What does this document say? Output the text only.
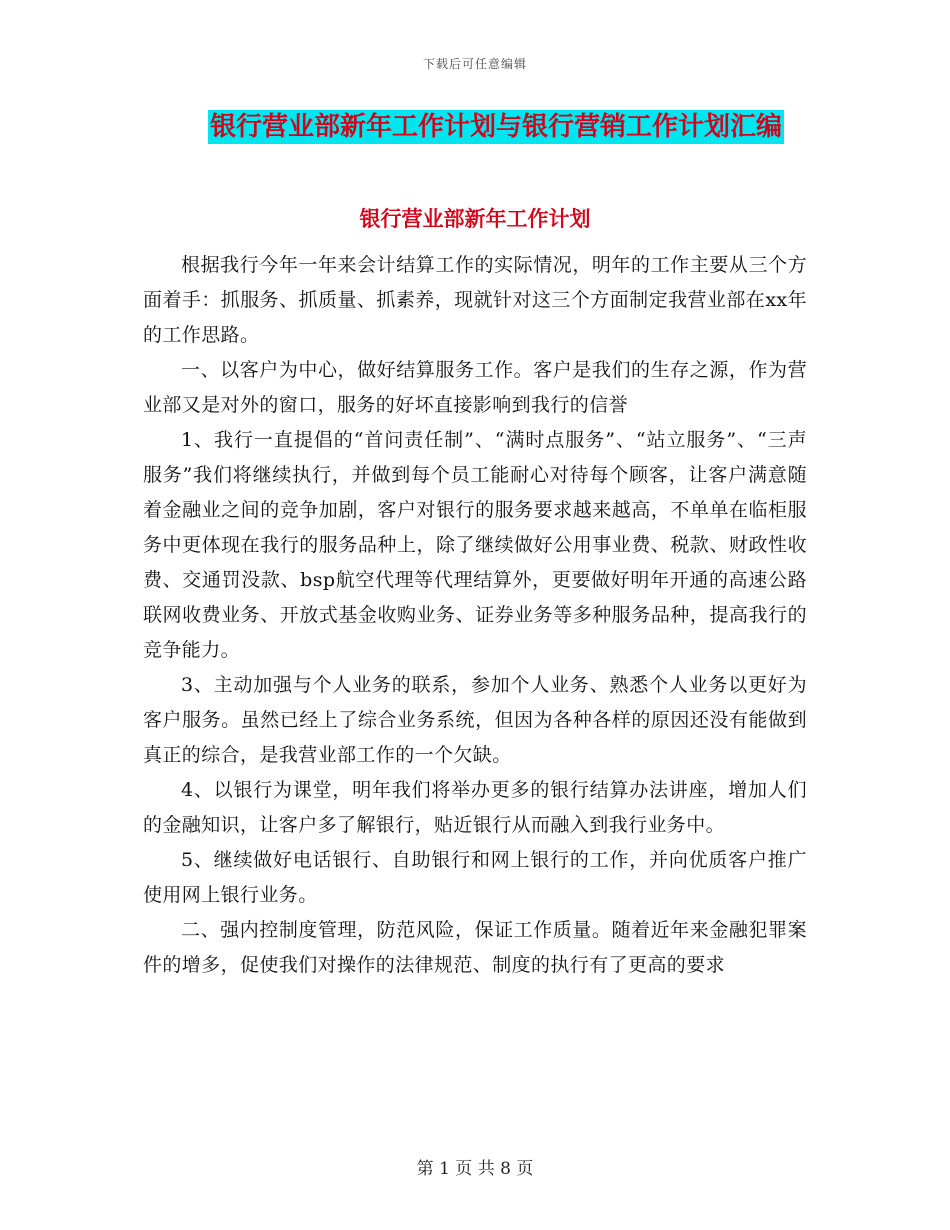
下载后可任意编辑
银行营业部新年工作计划与银行营销工作计划汇编
银行营业部新年工作计划

根据我行今年一年来会计结算工作的实际情况，明年的工作主要从三个方面着手：抓服务、抓质量、抓素养，现就针对这三个方面制定我营业部在xx年的工作思路。

一、以客户为中心，做好结算服务工作。客户是我们的生存之源，作为营业部又是对外的窗口，服务的好坏直接影响到我行的信誉

1、我行一直提倡的“首问责任制”、“满时点服务”、“站立服务”、“三声服务”我们将继续执行，并做到每个员工能耐心对待每个顾客，让客户满意随着金融业之间的竞争加剧，客户对银行的服务要求越来越高，不单单在临柜服务中更体现在我行的服务品种上，除了继续做好公用事业费、税款、财政性收费、交通罚没款、bsp航空代理等代理结算外，更要做好明年开通的高速公路联网收费业务、开放式基金收购业务、证券业务等多种服务品种，提高我行的竞争能力。

3、主动加强与个人业务的联系，参加个人业务、熟悉个人业务以更好为客户服务。虽然已经上了综合业务系统，但因为各种各样的原因还没有能做到真正的综合，是我营业部工作的一个欠缺。

4、以银行为课堂，明年我们将举办更多的银行结算办法讲座，增加人们的金融知识，让客户多了解银行，贴近银行从而融入到我行业务中。

5、继续做好电话银行、自助银行和网上银行的工作，并向优质客户推广使用网上银行业务。

二、强内控制度管理，防范风险，保证工作质量。随着近年来金融犯罪案件的增多，促使我们对操作的法律规范、制度的执行有了更高的要求

第 1 页 共 8 页
